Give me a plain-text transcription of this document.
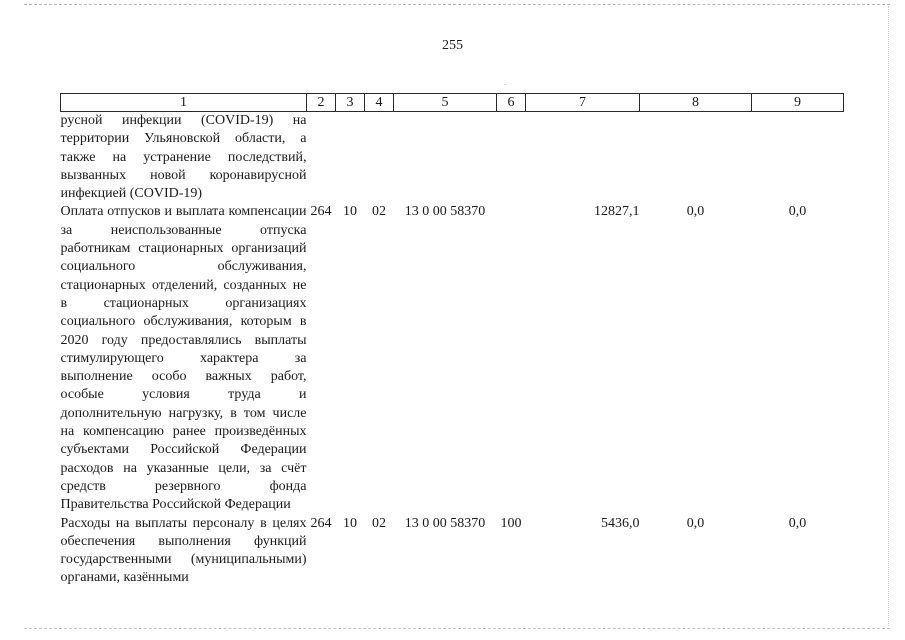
255
.
1	2	3	4	5	6	7	8	9
русной инфекции (COVID-19) на территории Ульяновской области, а также на устранение последствий, вызванных новой коронавирусной инфекцией (COVID-19)								
Оплата отпусков и выплата компенсации за неиспользованные отпуска работникам стационарных организаций социального обслуживания, стационарных отделений, созданных не в стационарных организациях социального обслуживания, которым в 2020 году предоставлялись выплаты стимулирующего характера за выполнение особо важных работ, особые условия труда и дополнительную нагрузку, в том числе на компенсацию ранее произведённых субъектами Российской Федерации расходов на указанные цели, за счёт средств резервного фонда Правительства Российской Федерации	264	10	02	13 0 00 58370		12827,1	0,0	0,0
Расходы на выплаты персоналу в целях обеспечения выполнения функций государственными (муниципальными) органами, казёнными	264	10	02	13 0 00 58370	100	5436,0	0,0	0,0
